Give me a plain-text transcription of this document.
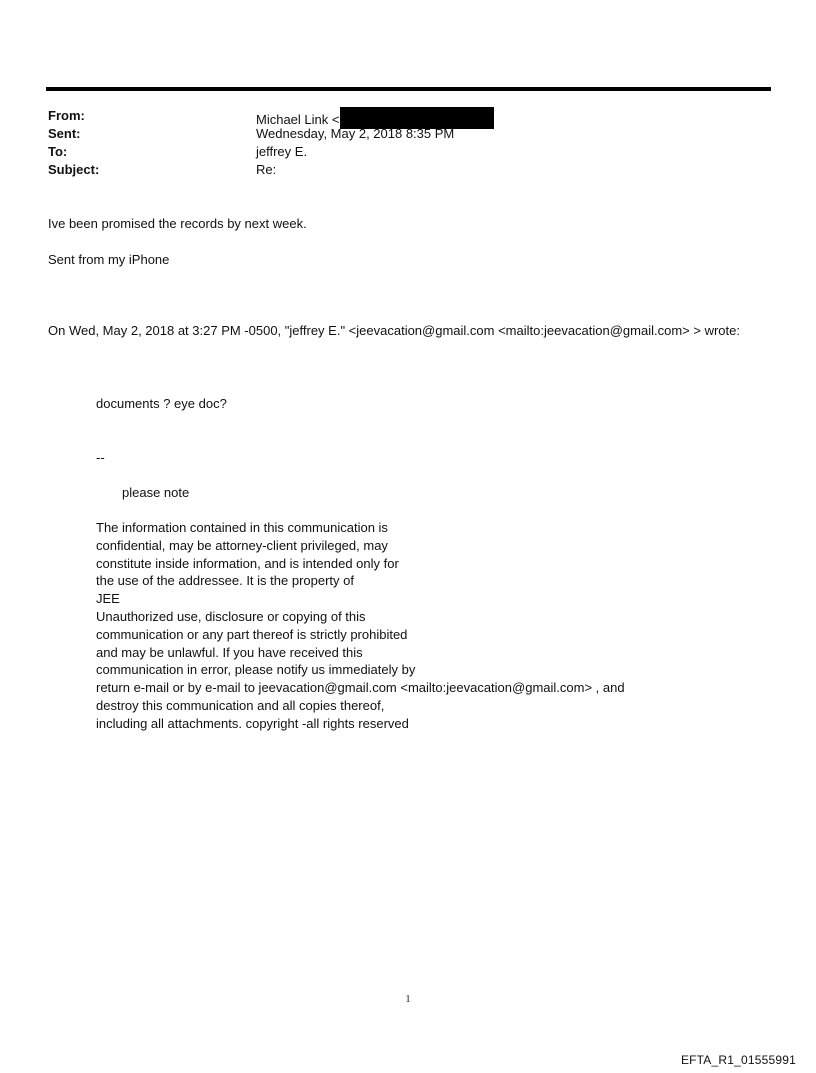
From:	Michael Link <
Sent:	Wednesday, May 2, 2018 8:35 PM
To:	jeffrey E.
Subject:	Re:
Ive been promised the records by next week.
Sent from my iPhone
On Wed, May 2, 2018 at 3:27 PM -0500, "jeffrey E." <jeevacation@gmail.com <mailto:jeevacation@gmail.com> > wrote:
documents ? eye doc?
--
please note
The information contained in this communication is
confidential, may be attorney-client privileged, may
constitute inside information, and is intended only for
the use of the addressee. It is the property of
JEE
Unauthorized use, disclosure or copying of this
communication or any part thereof is strictly prohibited
and may be unlawful. If you have received this
communication in error, please notify us immediately by
return e-mail or by e-mail to jeevacation@gmail.com <mailto:jeevacation@gmail.com> , and
destroy this communication and all copies thereof,
including all attachments. copyright -all rights reserved
1
EFTA_R1_01555991
